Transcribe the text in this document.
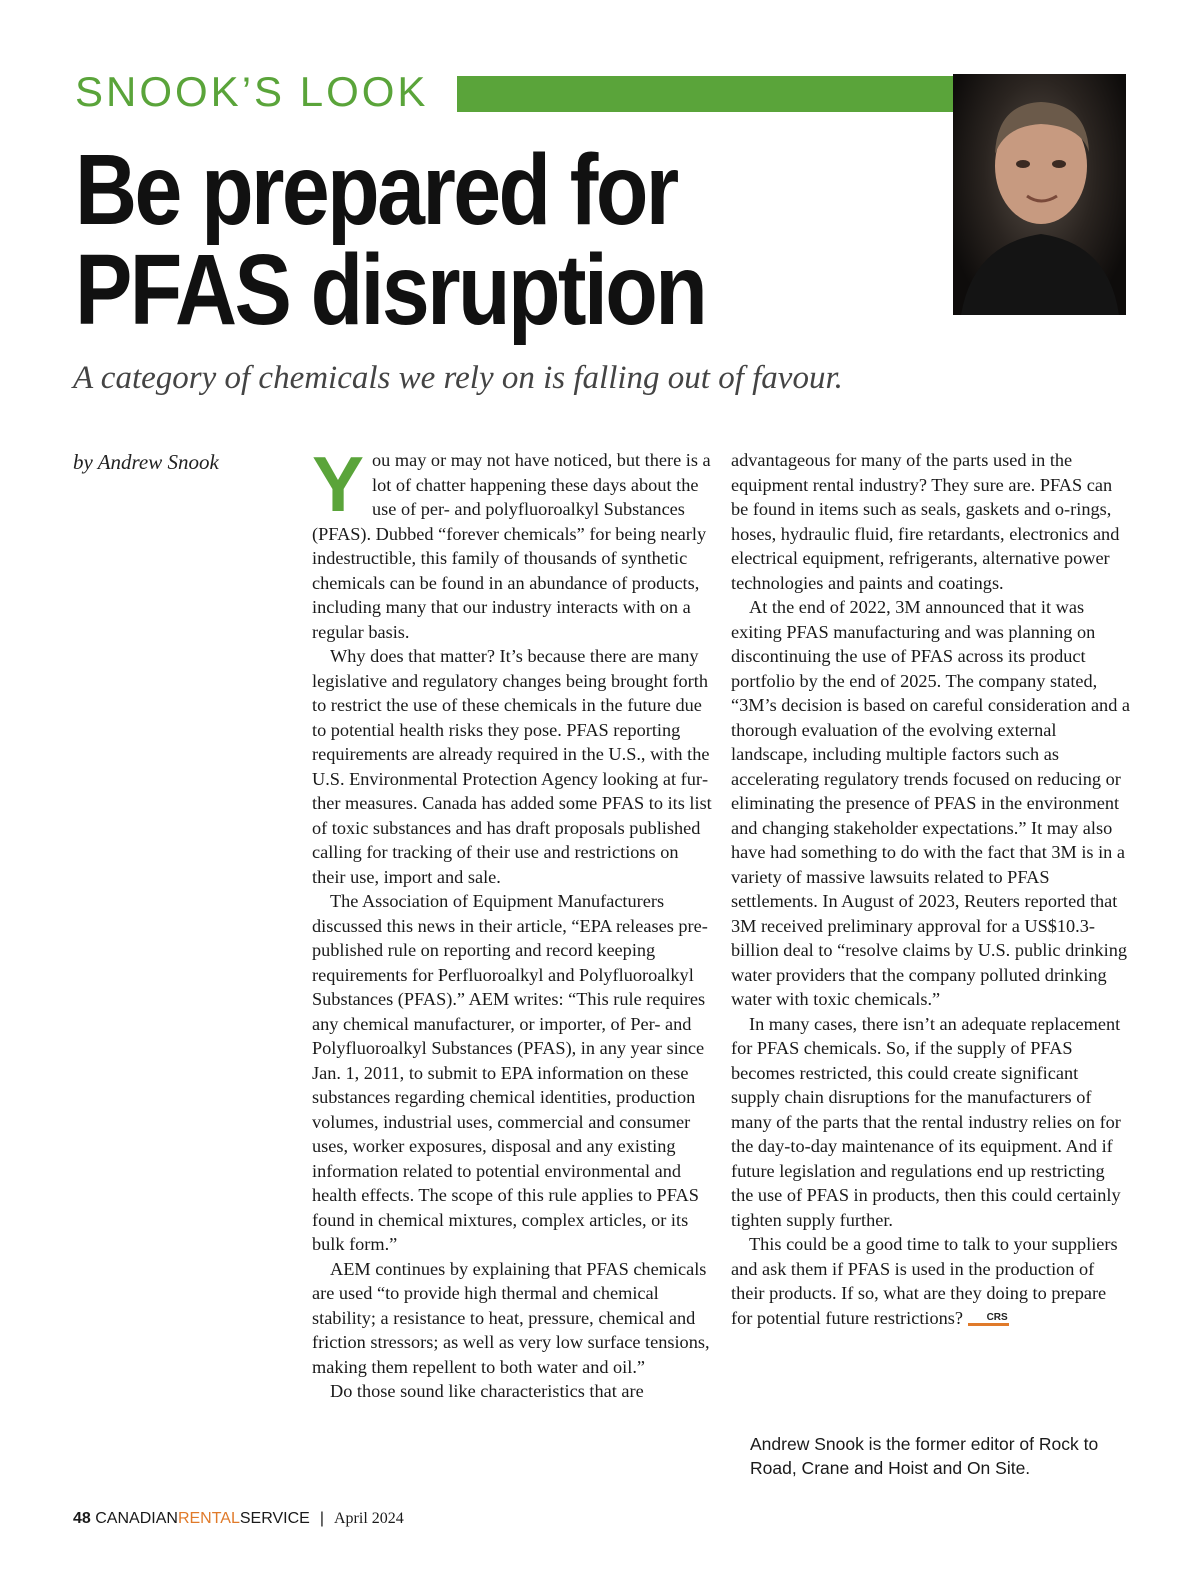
SNOOK’S LOOK
Be prepared for
PFAS disruption

A category of chemicals we rely on is falling out of favour.

by Andrew Snook You may or may not have noticed, but there is a lot of chatter happening these days about the use of per- and polyfluoroalkyl Substances (PFAS). Dubbed “forever chemicals” for being nearly indestructible, this family of thousands of synthetic chemicals can be found in an abundance of products, including many that our industry interacts with on a regular basis.

Why does that matter? It’s because there are many legislative and regulatory changes being brought forth to restrict the use of these chemicals in the future due to potential health risks they pose. PFAS reporting requirements are already required in the U.S., with the U.S. Environmental Protection Agency looking at further measures. Canada has added some PFAS to its list of toxic substances and has draft proposals published calling for tracking of their use and restrictions on their use, import and sale.

The Association of Equipment Manufacturers discussed this news in their article, “EPA releases pre-published rule on reporting and record keeping requirements for Perfluoroalkyl and Polyfluoroalkyl Substances (PFAS).” AEM writes: “This rule requires any chemical manufacturer, or importer, of Per- and Polyfluoroalkyl Substances (PFAS), in any year since Jan. 1, 2011, to submit to EPA information on these substances regarding chemical identities, production volumes, industrial uses, commercial and consumer uses, worker exposures, disposal and any existing information related to potential environmental and health effects. The scope of this rule applies to PFAS found in chemical mixtures, complex articles, or its bulk form.”

AEM continues by explaining that PFAS chemicals are used “to provide high thermal and chemical stability; a resistance to heat, pressure, chemical and friction stressors; as well as very low surface tensions, making them repellent to both water and oil.”

Do those sound like characteristics that are

advantageous for many of the parts used in the equipment rental industry? They sure are. PFAS can be found in items such as seals, gaskets and o-rings, hoses, hydraulic fluid, fire retardants, electronics and electrical equipment, refrigerants, alternative power technologies and paints and coatings.

At the end of 2022, 3M announced that it was exiting PFAS manufacturing and was planning on discontinuing the use of PFAS across its product portfolio by the end of 2025. The company stated, “3M’s decision is based on careful consideration and a thorough evaluation of the evolving external landscape, including multiple factors such as accelerating regulatory trends focused on reducing or eliminating the presence of PFAS in the environment and changing stakeholder expectations.” It may also have had something to do with the fact that 3M is in a variety of massive lawsuits related to PFAS settlements. In August of 2023, Reuters reported that 3M received preliminary approval for a US$10.3-billion deal to “resolve claims by U.S. public drinking water providers that the company polluted drinking water with toxic chemicals.”

In many cases, there isn’t an adequate replacement for PFAS chemicals. So, if the supply of PFAS becomes restricted, this could create significant supply chain disruptions for the manufacturers of many of the parts that the rental industry relies on for the day-to-day maintenance of its equipment. And if future legislation and regulations end up restricting the use of PFAS in products, then this could certainly tighten supply further.

This could be a good time to talk to your suppliers and ask them if PFAS is used in the production of their products. If so, what are they doing to prepare for potential future restrictions? CRS

Andrew Snook is the former editor of Rock to Road, Crane and Hoist and On Site.
48 CANADIANRENTALSERVICE | April 2024
